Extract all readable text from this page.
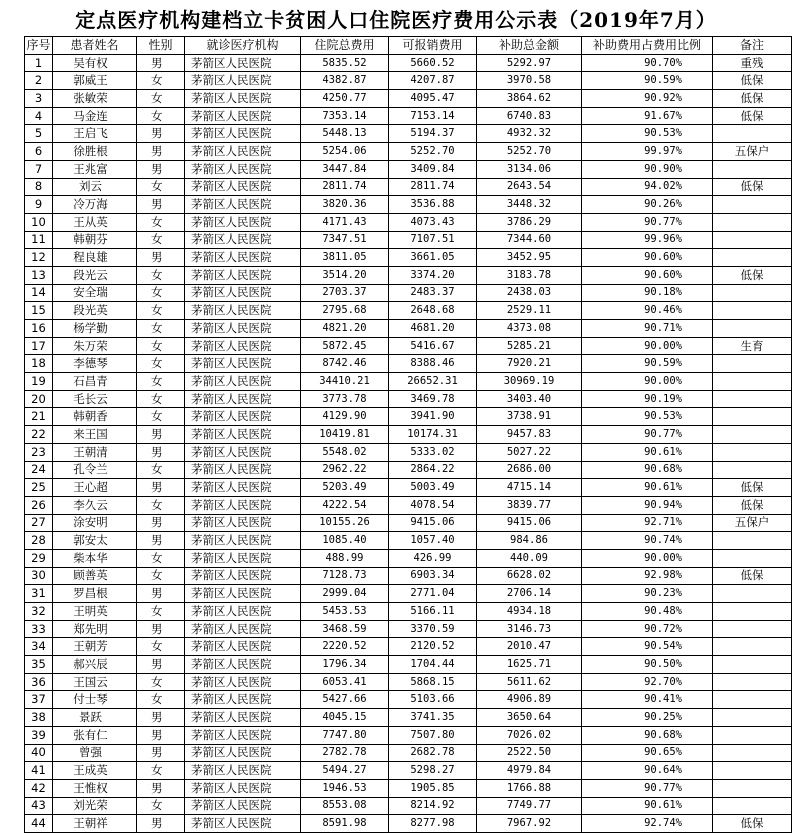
定点医疗机构建档立卡贫困人口住院医疗费用公示表（2019年7月）
序号	患者姓名	性别	就诊医疗机构	住院总费用	可报销费用	补助总金额	补助费用占费用比例	备注
1	吴有权	男	茅箭区人民医院	5835.52	5660.52	5292.97	90.70%	重残
2	郭威王	女	茅箭区人民医院	4382.87	4207.87	3970.58	90.59%	低保
3	张敏荣	女	茅箭区人民医院	4250.77	4095.47	3864.62	90.92%	低保
4	马金连	女	茅箭区人民医院	7353.14	7153.14	6740.83	91.67%	低保
5	王启飞	男	茅箭区人民医院	5448.13	5194.37	4932.32	90.53%	
6	徐胜根	男	茅箭区人民医院	5254.06	5252.70	5252.70	99.97%	五保户
7	王兆富	男	茅箭区人民医院	3447.84	3409.84	3134.06	90.90%	
8	刘云	女	茅箭区人民医院	2811.74	2811.74	2643.54	94.02%	低保
9	冷万海	男	茅箭区人民医院	3820.36	3536.88	3448.32	90.26%	
10	王从英	女	茅箭区人民医院	4171.43	4073.43	3786.29	90.77%	
11	韩朝芬	女	茅箭区人民医院	7347.51	7107.51	7344.60	99.96%	
12	程良雄	男	茅箭区人民医院	3811.05	3661.05	3452.95	90.60%	
13	段光云	女	茅箭区人民医院	3514.20	3374.20	3183.78	90.60%	低保
14	安全瑞	女	茅箭区人民医院	2703.37	2483.37	2438.03	90.18%	
15	段光英	女	茅箭区人民医院	2795.68	2648.68	2529.11	90.46%	
16	杨学勤	女	茅箭区人民医院	4821.20	4681.20	4373.08	90.71%	
17	朱万荣	女	茅箭区人民医院	5872.45	5416.67	5285.21	90.00%	生育
18	李德琴	女	茅箭区人民医院	8742.46	8388.46	7920.21	90.59%	
19	石昌青	女	茅箭区人民医院	34410.21	26652.31	30969.19	90.00%	
20	毛长云	女	茅箭区人民医院	3773.78	3469.78	3403.40	90.19%	
21	韩朝香	女	茅箭区人民医院	4129.90	3941.90	3738.91	90.53%	
22	来王国	男	茅箭区人民医院	10419.81	10174.31	9457.83	90.77%	
23	王朝清	男	茅箭区人民医院	5548.02	5333.02	5027.22	90.61%	
24	孔令兰	女	茅箭区人民医院	2962.22	2864.22	2686.00	90.68%	
25	王心超	男	茅箭区人民医院	5203.49	5003.49	4715.14	90.61%	低保
26	李久云	女	茅箭区人民医院	4222.54	4078.54	3839.77	90.94%	低保
27	涂安明	男	茅箭区人民医院	10155.26	9415.06	9415.06	92.71%	五保户
28	郭安太	男	茅箭区人民医院	1085.40	1057.40	984.86	90.74%	
29	柴本华	女	茅箭区人民医院	488.99	426.99	440.09	90.00%	
30	顾善英	女	茅箭区人民医院	7128.73	6903.34	6628.02	92.98%	低保
31	罗昌根	男	茅箭区人民医院	2999.04	2771.04	2706.14	90.23%	
32	王明英	女	茅箭区人民医院	5453.53	5166.11	4934.18	90.48%	
33	郑先明	男	茅箭区人民医院	3468.59	3370.59	3146.73	90.72%	
34	王朝芳	女	茅箭区人民医院	2220.52	2120.52	2010.47	90.54%	
35	郝兴辰	男	茅箭区人民医院	1796.34	1704.44	1625.71	90.50%	
36	王国云	女	茅箭区人民医院	6053.41	5868.15	5611.62	92.70%	
37	付士琴	女	茅箭区人民医院	5427.66	5103.66	4906.89	90.41%	
38	景跃	男	茅箭区人民医院	4045.15	3741.35	3650.64	90.25%	
39	张有仁	男	茅箭区人民医院	7747.80	7507.80	7026.02	90.68%	
40	曾强	男	茅箭区人民医院	2782.78	2682.78	2522.50	90.65%	
41	王成英	女	茅箭区人民医院	5494.27	5298.27	4979.84	90.64%	
42	王惟权	男	茅箭区人民医院	1946.53	1905.85	1766.88	90.77%	
43	刘光荣	女	茅箭区人民医院	8553.08	8214.92	7749.77	90.61%	
44	王朝祥	男	茅箭区人民医院	8591.98	8277.98	7967.92	92.74%	低保
